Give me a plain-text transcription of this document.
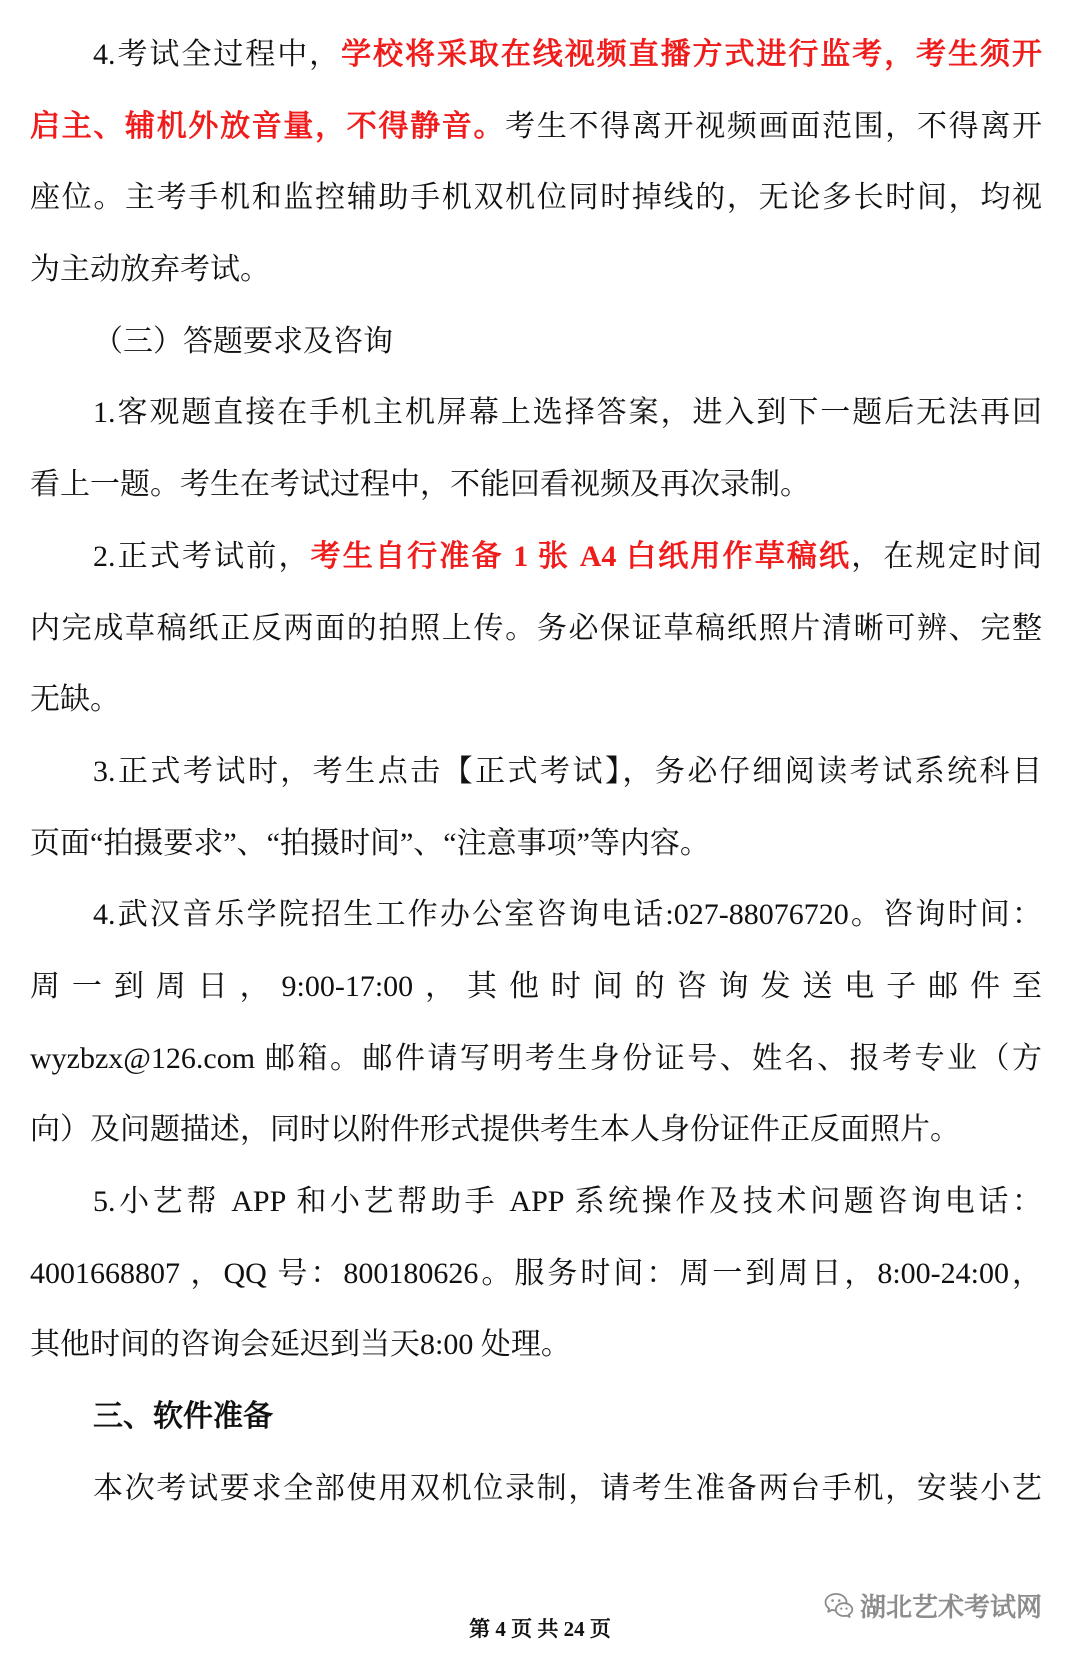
4.考试全过程中，学校将采取在线视频直播方式进行监考，考生须开
启主、辅机外放音量，不得静音。考生不得离开视频画面范围，不得离开
座位。主考手机和监控辅助手机双机位同时掉线的，无论多长时间，均视
为主动放弃考试。
（三）答题要求及咨询
1.客观题直接在手机主机屏幕上选择答案，进入到下一题后无法再回
看上一题。考生在考试过程中，不能回看视频及再次录制。
2.正式考试前，考生自行准备 1 张 A4 白纸用作草稿纸，在规定时间
内完成草稿纸正反两面的拍照上传。务必保证草稿纸照片清晰可辨、完整
无缺。
3.正式考试时，考生点击【正式考试】，务必仔细阅读考试系统科目
页面“拍摄要求”、“拍摄时间”、“注意事项”等内容。
4.武汉音乐学院招生工作办公室咨询电话:027-88076720。咨询时间：
周一到周日，9:00-17:00，其他时间的咨询发送电子邮件至
wyzbzx@126.com 邮箱。邮件请写明考生身份证号、姓名、报考专业（方
向）及问题描述，同时以附件形式提供考生本人身份证件正反面照片。
5.小艺帮 APP 和小艺帮助手 APP 系统操作及技术问题咨询电话：
4001668807 ，QQ 号：800180626。服务时间：周一到周日，8:00-24:00，
其他时间的咨询会延迟到当天8:00 处理。
三、软件准备
本次考试要求全部使用双机位录制，请考生准备两台手机，安装小艺
湖北艺术考试网
第 4 页 共 24 页
